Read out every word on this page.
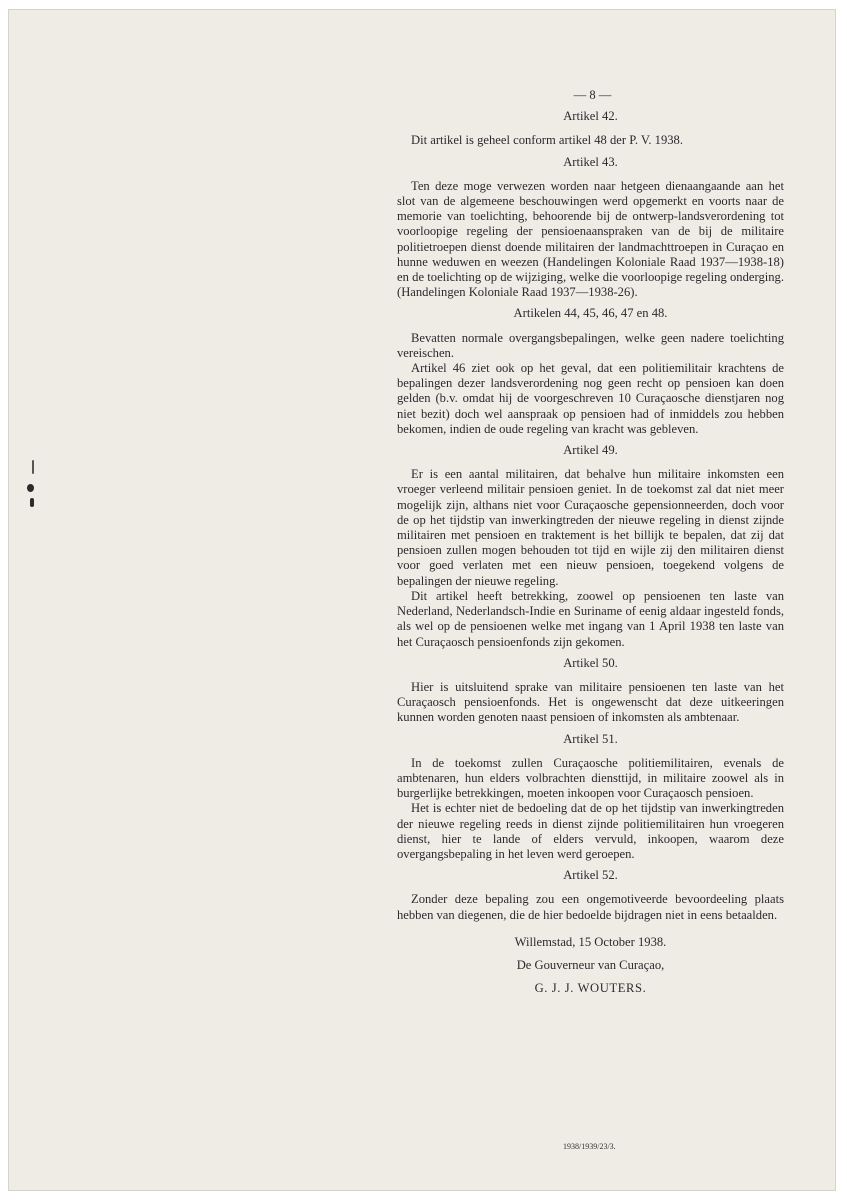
— 8 —
Artikel 42.

Dit artikel is geheel conform artikel 48 der P. V. 1938.

Artikel 43.

Ten deze moge verwezen worden naar hetgeen dienaangaande aan het slot van de algemeene beschouwingen werd opgemerkt en voorts naar de memorie van toelichting, behoorende bij de ontwerp-landsverordening tot voorloopige regeling der pensioenaanspraken van de bij de militaire politietroepen dienst doende militairen der landmachttroepen in Curaçao en hunne weduwen en weezen (Handelingen Koloniale Raad 1937—1938-18) en de toelichting op de wijziging, welke die voorloopige regeling onderging.(Handelingen Koloniale Raad 1937—1938-26).

Artikelen 44, 45, 46, 47 en 48.

Bevatten normale overgangsbepalingen, welke geen nadere toelichting vereischen.

Artikel 46 ziet ook op het geval, dat een politiemilitair krachtens de bepalingen dezer landsverordening nog geen recht op pensioen kan doen gelden (b.v. omdat hij de voorgeschreven 10 Curaçaosche dienstjaren nog niet bezit) doch wel aanspraak op pensioen had of inmiddels zou hebben bekomen, indien de oude regeling van kracht was gebleven.

Artikel 49.

Er is een aantal militairen, dat behalve hun militaire inkomsten een vroeger verleend militair pensioen geniet. In de toekomst zal dat niet meer mogelijk zijn, althans niet voor Curaçaosche gepensionneerden, doch voor de op het tijdstip van inwerkingtreden der nieuwe regeling in dienst zijnde militairen met pensioen en traktement is het billijk te bepalen, dat zij dat pensioen zullen mogen behouden tot tijd en wijle zij den militairen dienst voor goed verlaten met een nieuw pensioen, toegekend volgens de bepalingen der nieuwe regeling.

Dit artikel heeft betrekking, zoowel op pensioenen ten laste van Nederland, Nederlandsch-Indie en Suriname of eenig aldaar ingesteld fonds, als wel op de pensioenen welke met ingang van 1 April 1938 ten laste van het Curaçaosch pensioenfonds zijn gekomen.

Artikel 50.

Hier is uitsluitend sprake van militaire pensioenen ten laste van het Curaçaosch pensioenfonds. Het is ongewenscht dat deze uitkeeringen kunnen worden genoten naast pensioen of inkomsten als ambtenaar.

Artikel 51.

In de toekomst zullen Curaçaosche politiemilitairen, evenals de ambtenaren, hun elders volbrachten diensttijd, in militaire zoowel als in burgerlijke betrekkingen, moeten inkoopen voor Curaçaosch pensioen.

Het is echter niet de bedoeling dat de op het tijdstip van inwerkingtreden der nieuwe regeling reeds in dienst zijnde politiemilitairen hun vroegeren dienst, hier te lande of elders vervuld, inkoopen, waarom deze overgangsbepaling in het leven werd geroepen.

Artikel 52.

Zonder deze bepaling zou een ongemotiveerde bevoordeeling plaats hebben van diegenen, die de hier bedoelde bijdragen niet in eens betaalden.

Willemstad, 15 October 1938.
De Gouverneur van Curaçao,
G. J. J. WOUTERS.
1938/1939/23/3.
